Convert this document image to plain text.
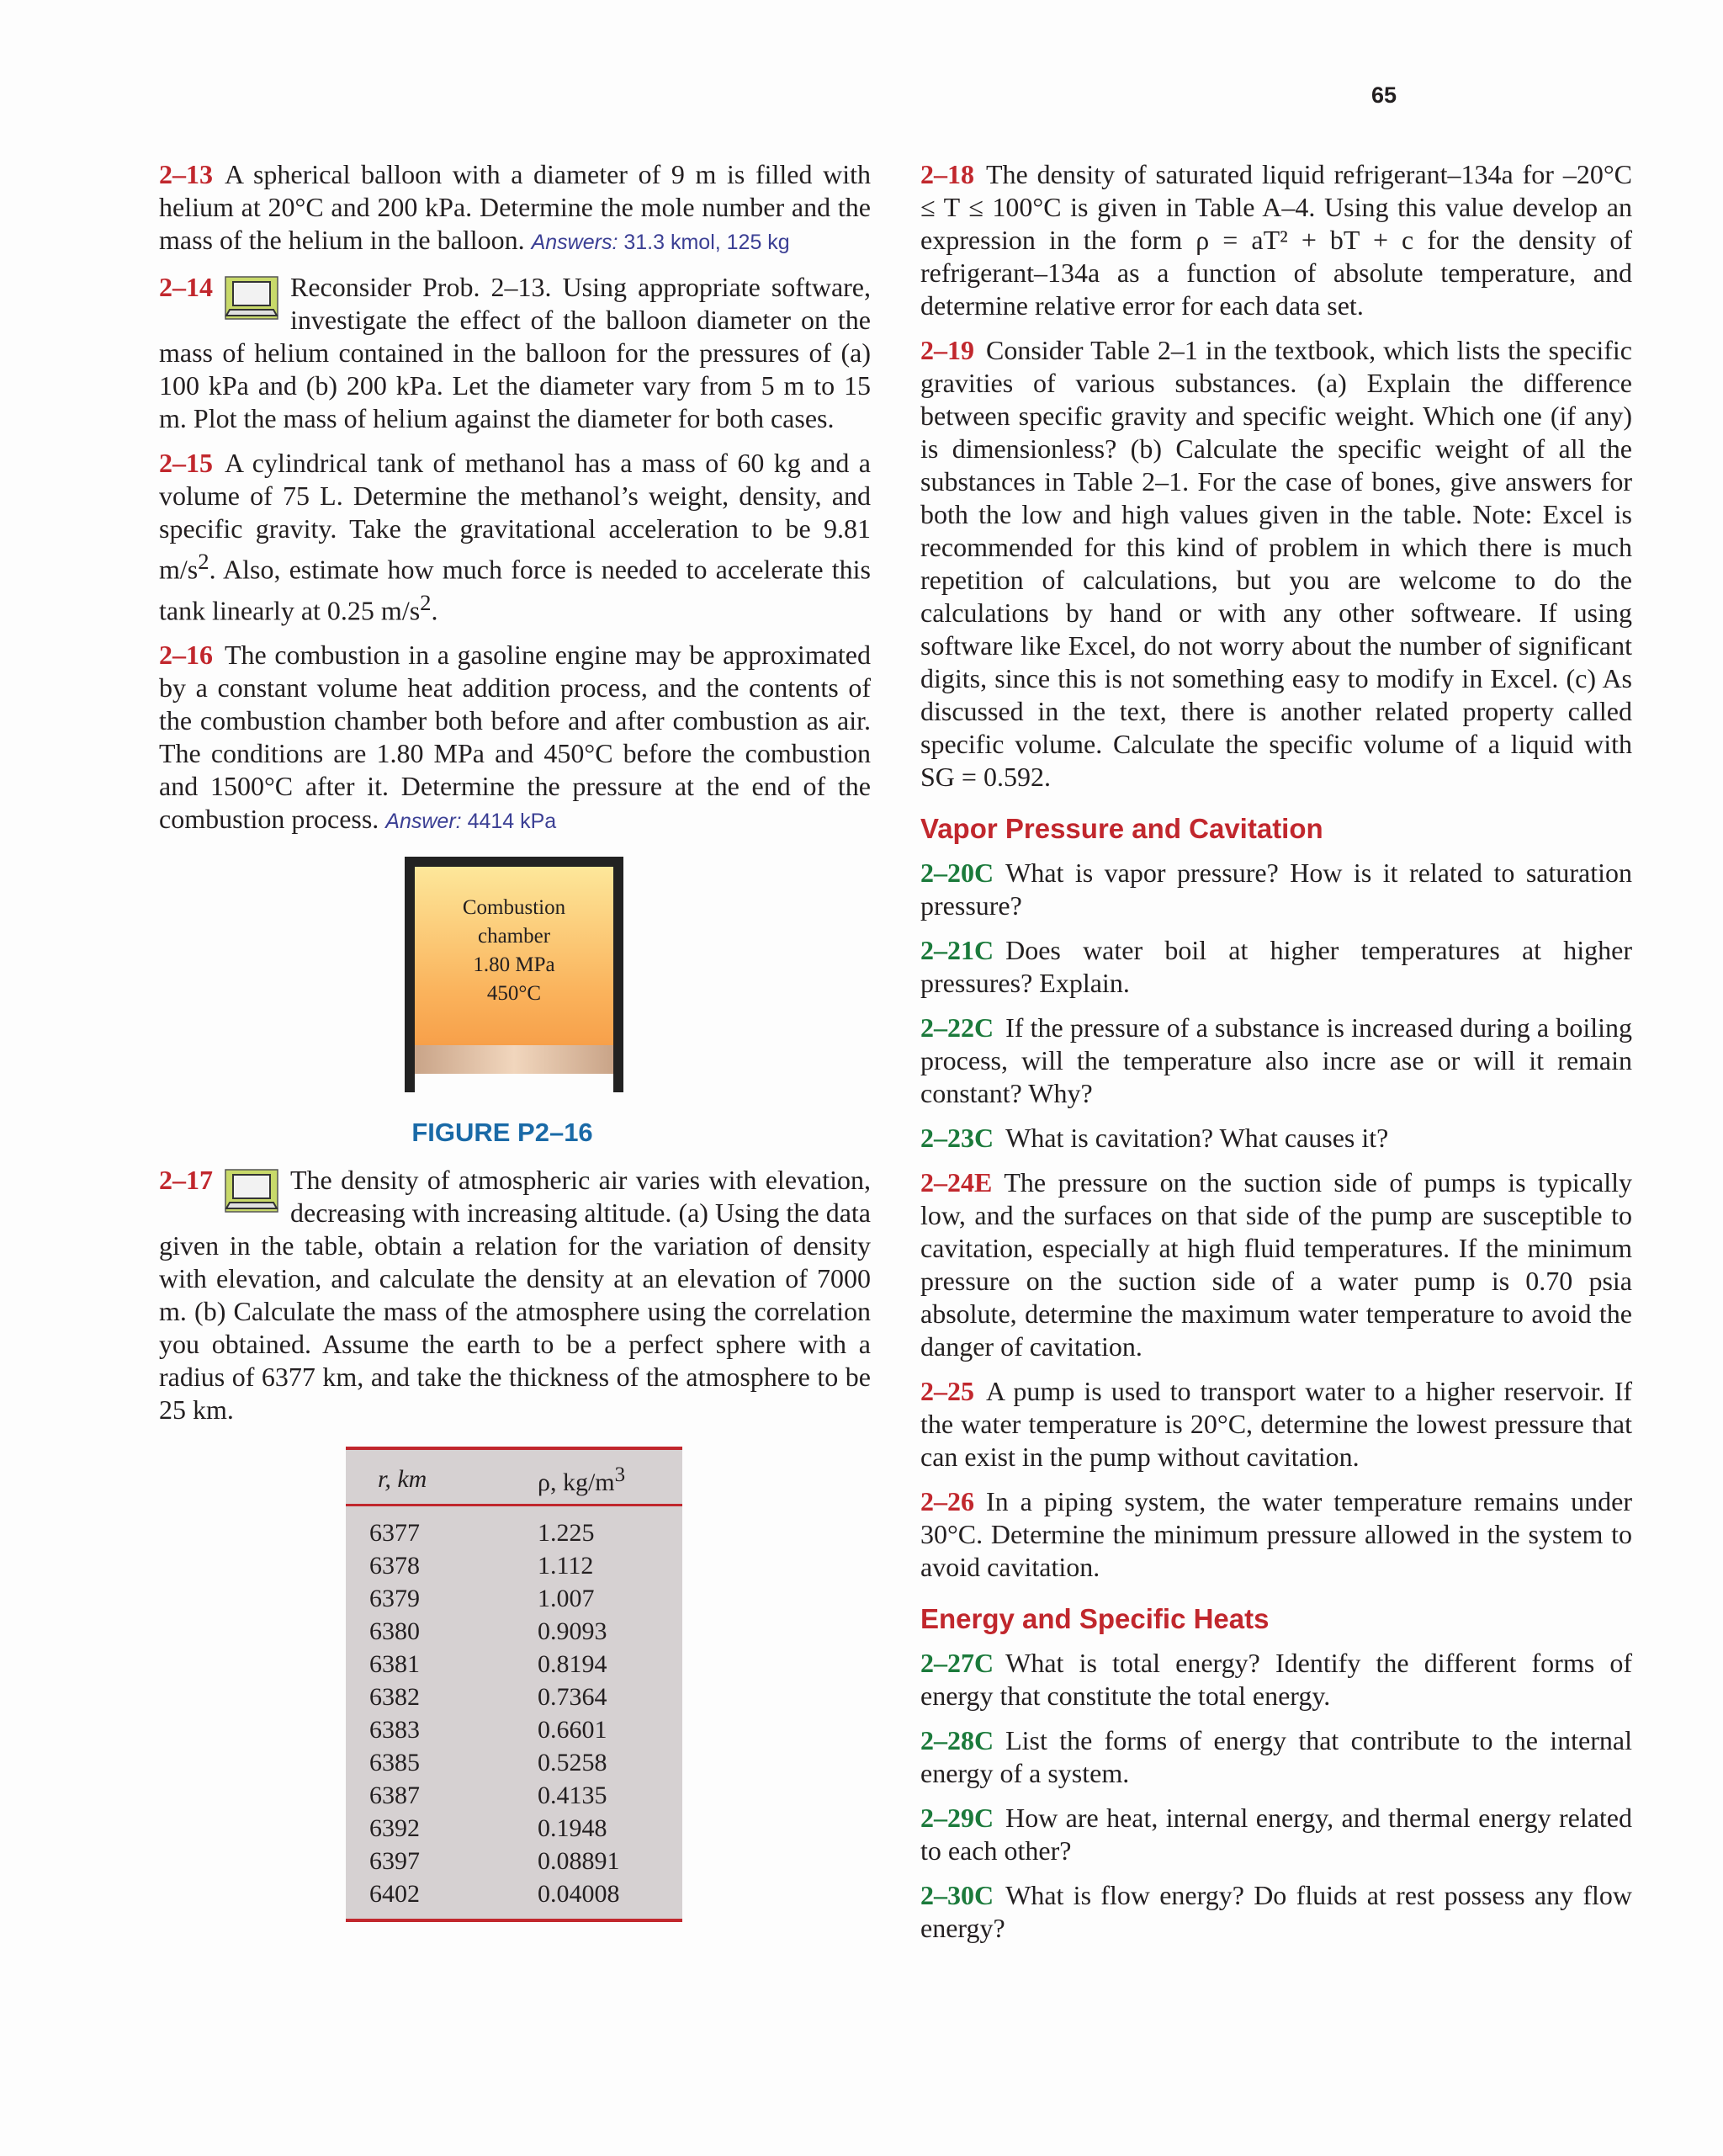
65

2–13 A spherical balloon with a diameter of 9 m is filled with helium at 20°C and 200 kPa. Determine the mole number and the mass of the helium in the balloon. Answers: 31.3 kmol, 125 kg

2–14	Reconsider Prob. 2–13. Using appropriate software, investigate the effect of the balloon diameter on the mass of helium contained in the balloon for the pressures of (a) 100 kPa and (b) 200 kPa. Let the diameter vary from 5 m to 15 m. Plot the mass of helium against the diameter for both cases.

2–15 A cylindrical tank of methanol has a mass of 60 kg and a volume of 75 L. Determine the methanol’s weight, density, and specific gravity. Take the gravitational acceleration to be 9.81 $m/s^2$. Also, estimate how much force is needed to accelerate this tank linearly at 0.25 $m/s^2$.

2–16 The combustion in a gasoline engine may be approximated by a constant volume heat addition process, and the contents of the combustion chamber both before and after combustion as air. The conditions are 1.80 MPa and 450°C before the combustion and 1500°C after it. Determine the pressure at the end of the combustion process. Answer: 4414 kPa

Combustion
chamber
1.80 MPa
450°C
FIGURE P2–16
2–17	The density of atmospheric air varies with elevation, decreasing with increasing altitude. (a) Using the data given in the table, obtain a relation for the variation of density with elevation, and calculate the density at an elevation of 7000 m. (b) Calculate the mass of the atmosphere using the correlation you obtained. Assume the earth to be a perfect sphere with a radius of 6377 km, and take the thickness of the atmosphere to be 25 km.
r, km	ρ, $kg/m^3$
6377	1.225
6378	1.112
6379	1.007
6380	0.9093
6381	0.8194
6382	0.7364
6383	0.6601
6385	0.5258
6387	0.4135
6392	0.1948
6397	0.08891
6402	0.04008

2–18 The density of saturated liquid refrigerant–134a for –20°C ≤ T ≤ 100°C is given in Table A–4. Using this value develop an expression in the form ρ = aT² + bT + c for the density of refrigerant–134a as a function of absolute temperature, and determine relative error for each data set.

2–19 Consider Table 2–1 in the textbook, which lists the specific gravities of various substances. (a) Explain the difference between specific gravity and specific weight. Which one (if any) is dimensionless? (b) Calculate the specific weight of all the substances in Table 2–1. For the case of bones, give answers for both the low and high values given in the table. Note: Excel is recommended for this kind of problem in which there is much repetition of calculations, but you are welcome to do the calculations by hand or with any other softweare. If using software like Excel, do not worry about the number of significant digits, since this is not something easy to modify in Excel. (c) As discussed in the text, there is another related property called specific volume. Calculate the specific volume of a liquid with SG = 0.592.

Vapor Pressure and Cavitation

2–20C What is vapor pressure? How is it related to saturation pressure?

2–21C Does water boil at higher temperatures at higher pressures? Explain.

2–22C If the pressure of a substance is increased during a boiling process, will the temperature also incre ase or will it remain constant? Why?

2–23C What is cavitation? What causes it?

2–24E The pressure on the suction side of pumps is typically low, and the surfaces on that side of the pump are susceptible to cavitation, especially at high fluid temperatures. If the minimum pressure on the suction side of a water pump is 0.70 psia absolute, determine the maximum water temperature to avoid the danger of cavitation.

2–25 A pump is used to transport water to a higher reservoir. If the water temperature is 20°C, determine the lowest pressure that can exist in the pump without cavitation.

2–26 In a piping system, the water temperature remains under 30°C. Determine the minimum pressure allowed in the system to avoid cavitation.

Energy and Specific Heats

2–27C What is total energy? Identify the different forms of energy that constitute the total energy.

2–28C List the forms of energy that contribute to the internal energy of a system.

2–29C How are heat, internal energy, and thermal energy related to each other?

2–30C What is flow energy? Do fluids at rest possess any flow energy?
